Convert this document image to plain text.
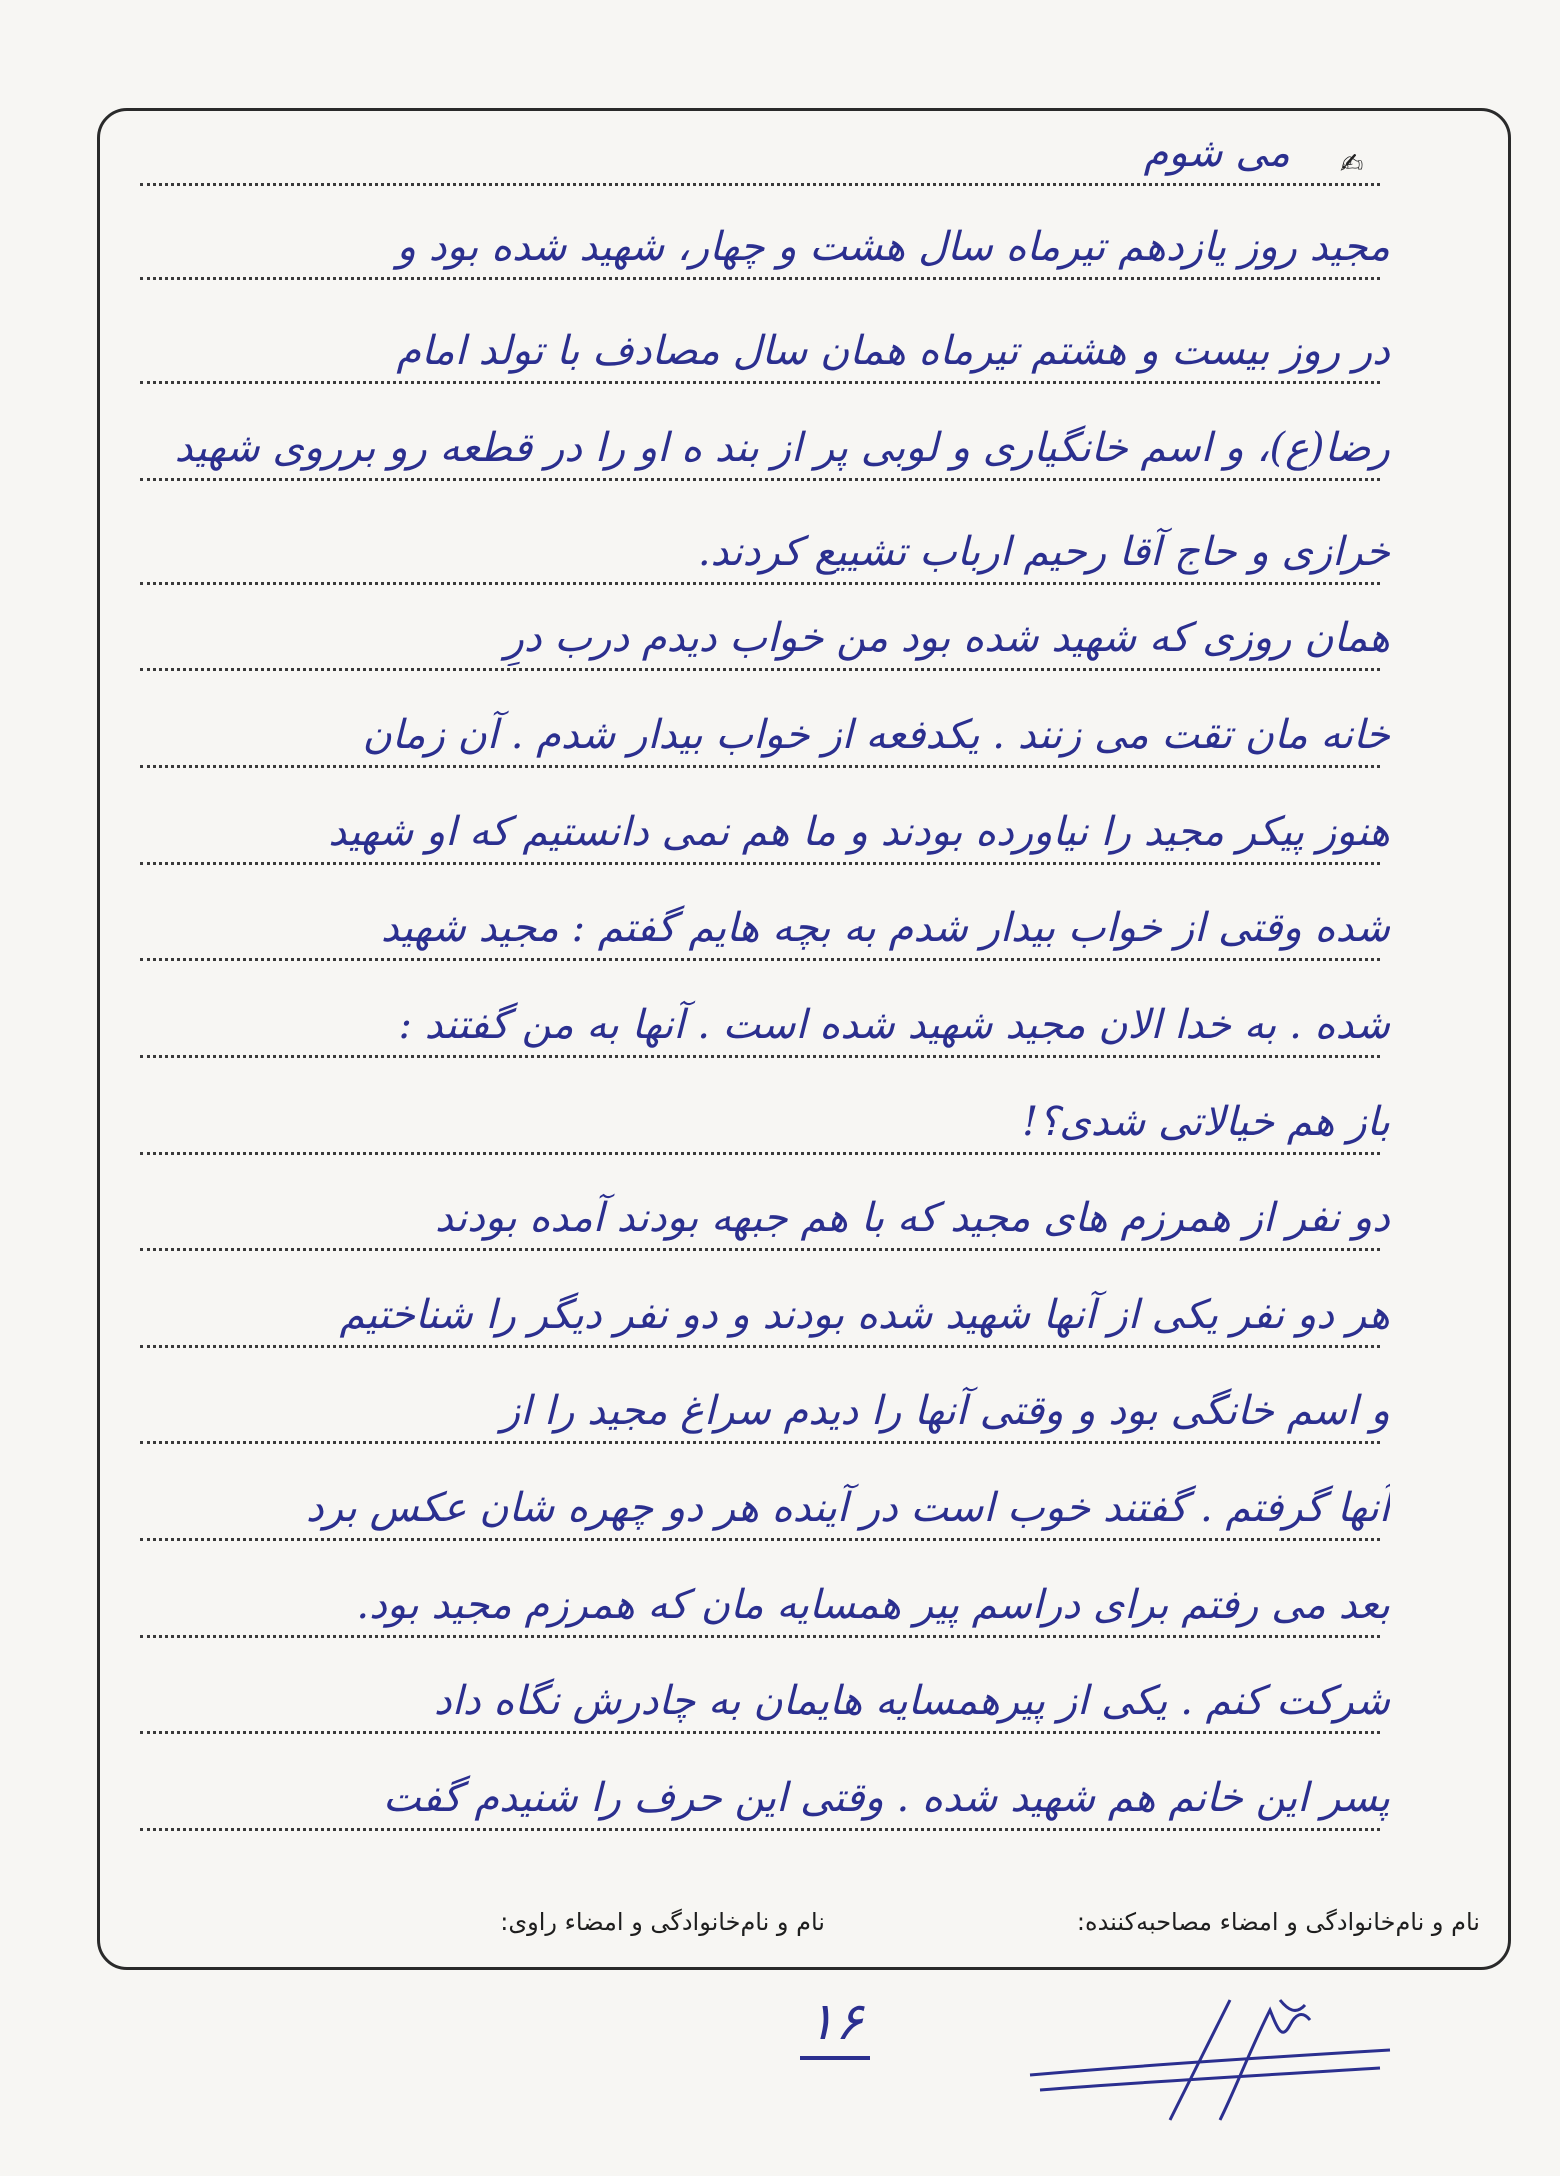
✍
می شوم
مجید روز یازدهم تیرماه سال هشت و چهار، شهید شده بود و
در روز بیست و هشتم تیرماه همان سال مصادف با تولد امام
رضا(ع)، و اسم خانگیاری و لوبی پر از بند ه او را در قطعه رو برروی شهید
خرازی و حاج آقا رحیم ارباب تشییع کردند.
همان روزی که شهید شده بود من خواب دیدم درب درِ
خانه مان تقت می زنند . یکدفعه از خواب بیدار شدم . آن زمان
هنوز پیکر مجید را نیاورده بودند و ما هم نمی دانستیم که او شهید
شده وقتی از خواب بیدار شدم به بچه هایم گفتم : مجید شهید
شده . به خدا الان مجید شهید شده است . آنها به من گفتند :
باز هم خیالاتی شدی؟!
دو نفر از همرزم های مجید که با هم جبهه بودند آمده بودند
هر دو نفر یکی از آنها شهید شده بودند و دو نفر دیگر را شناختیم
و اسم خانگی بود و وقتی آنها را دیدم سراغ مجید را از
آنها گرفتم . گفتند خوب است در آینده هر دو چهره شان عکس برد
بعد می رفتم برای دراسم پیر همسایه مان که همرزم مجید بود.
شرکت کنم . یکی از پیرهمسایه هایمان به چادرش نگاه داد
پسر این خانم هم شهید شده . وقتی این حرف را شنیدم گفت
نام و نام‌خانوادگی و امضاء مصاحبه‌کننده:
نام و نام‌خانوادگی و امضاء راوی:
۱۶
